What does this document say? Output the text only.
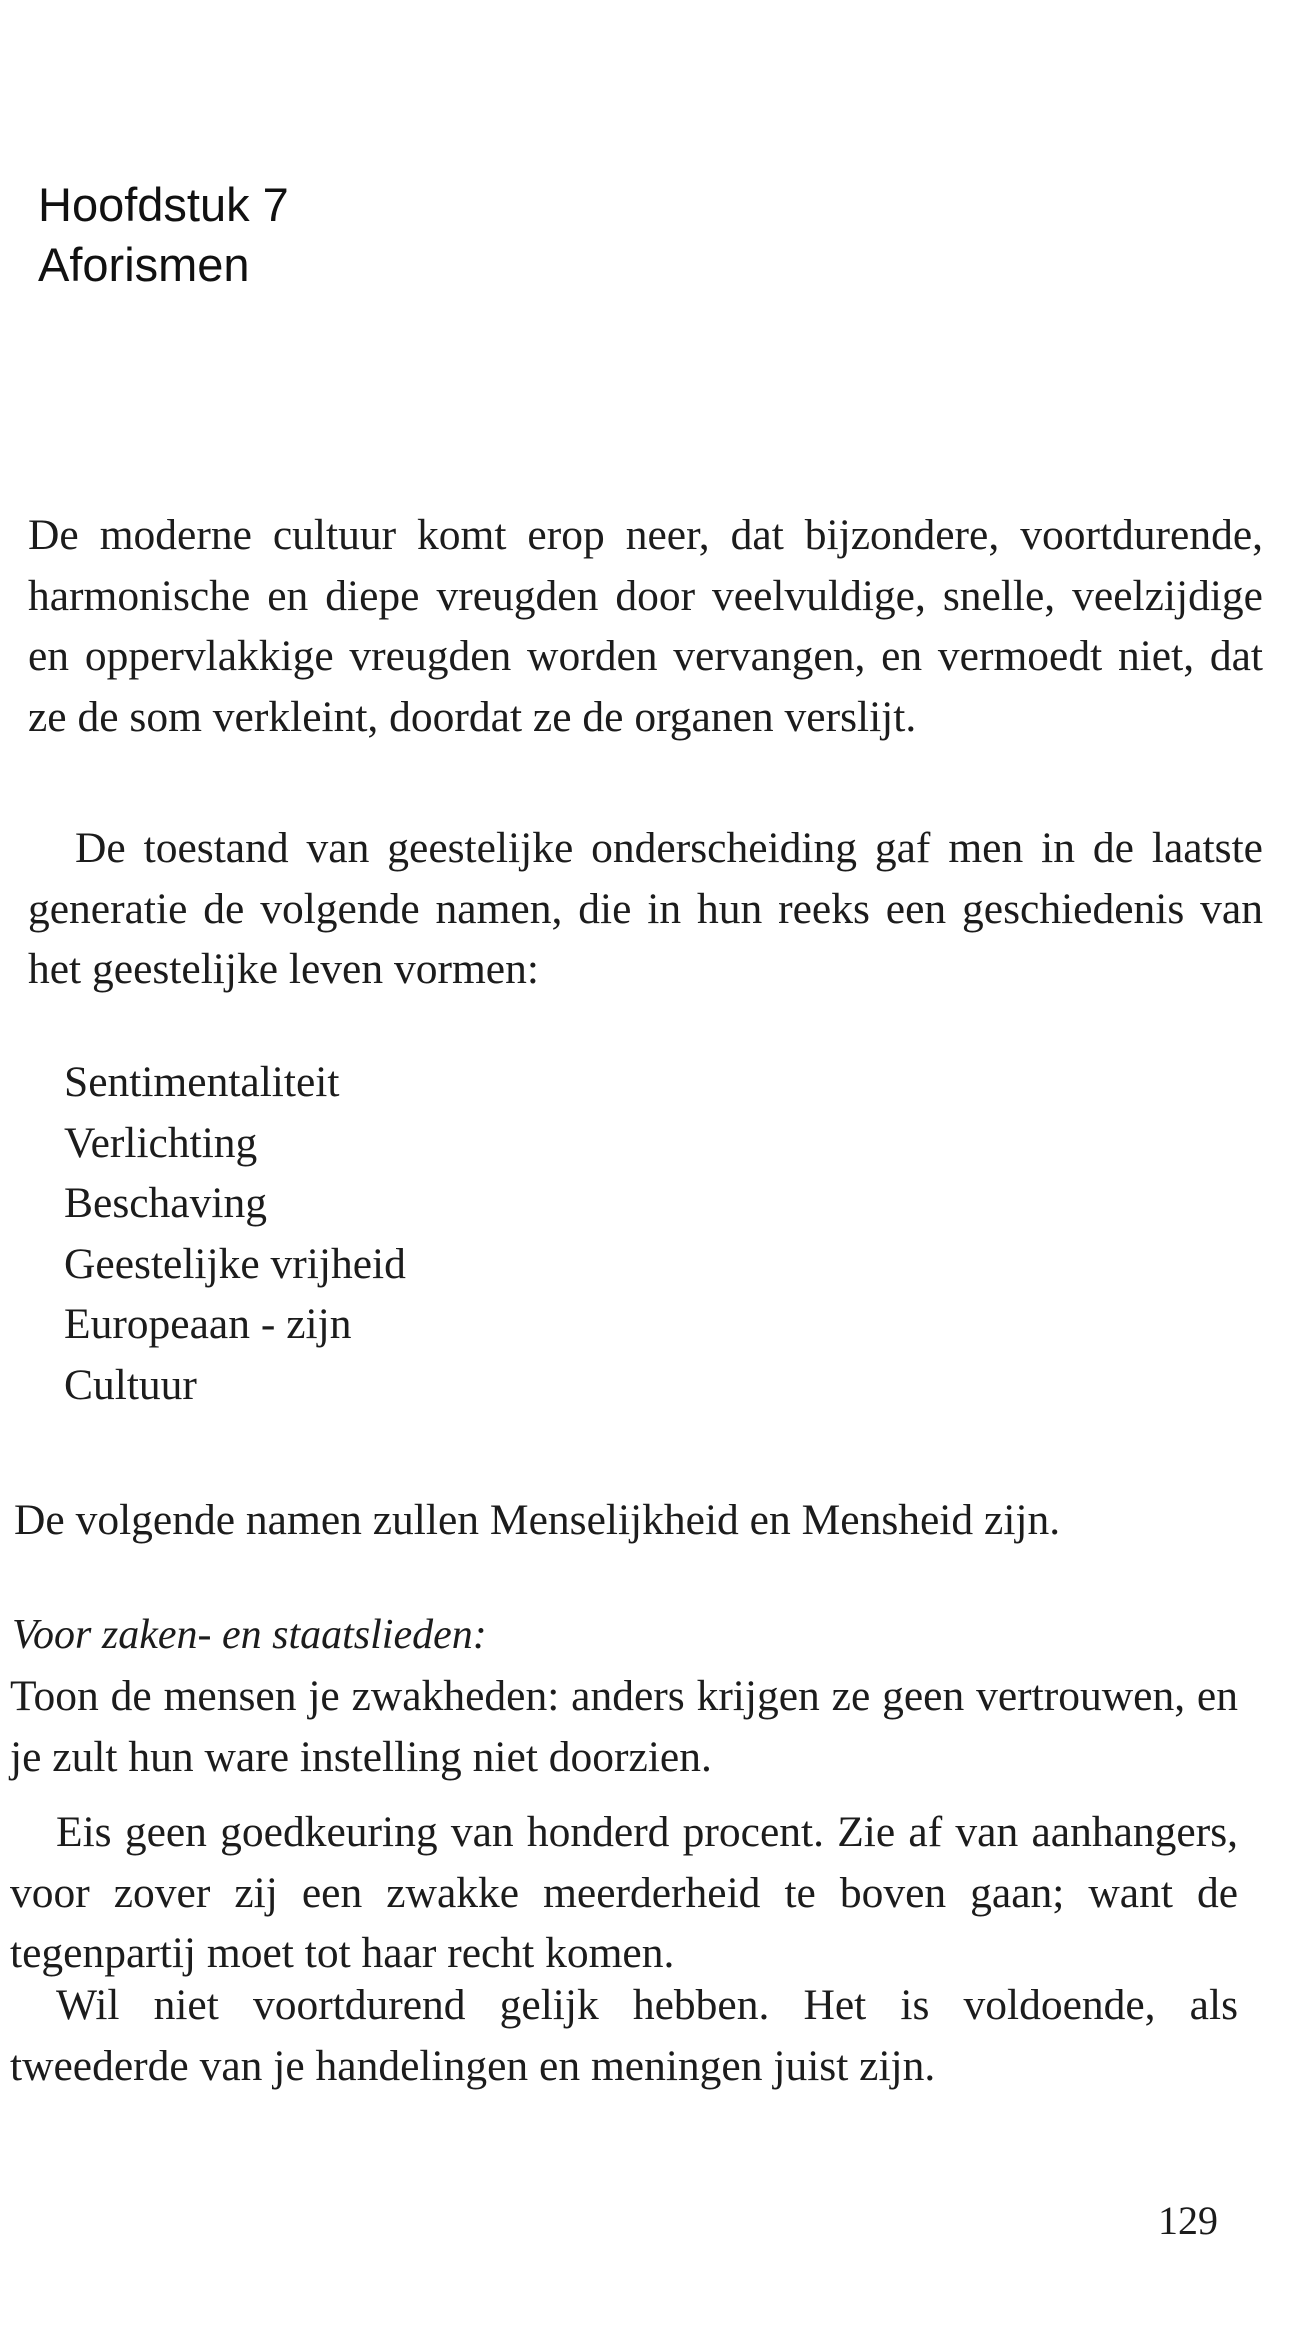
Hoofdstuk 7
Aforismen

De moderne cultuur komt erop neer, dat bijzondere, voortdurende, harmonische en diepe vreugden door veelvuldige, snelle, veelzijdige en oppervlakkige vreugden worden vervangen, en vermoedt niet, dat ze de som verkleint, doordat ze de organen verslijt.

De toestand van geestelijke onderscheiding gaf men in de laatste generatie de volgende namen, die in hun reeks een geschiedenis van het geestelijke leven vormen:

Sentimentaliteit
Verlichting
Beschaving
Geestelijke vrijheid
Europeaan - zijn
Cultuur

De volgende namen zullen Menselijkheid en Mensheid zijn.

Voor zaken- en staatslieden:

Toon de mensen je zwakheden: anders krijgen ze geen vertrouwen, en je zult hun ware instelling niet doorzien.

Eis geen goedkeuring van honderd procent. Zie af van aanhangers, voor zover zij een zwakke meerderheid te boven gaan; want de tegenpartij moet tot haar recht komen.

Wil niet voortdurend gelijk hebben. Het is voldoende, als tweederde van je handelingen en meningen juist zijn.

129
